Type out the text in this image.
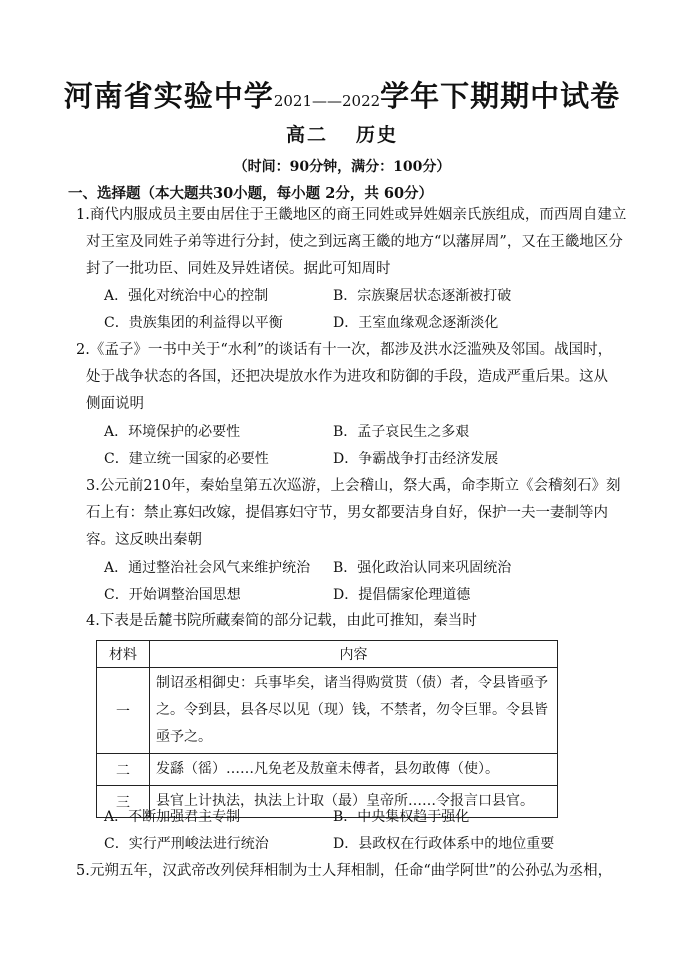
河南省实验中学2021——2022学年下期期中试卷
高二 历史
（时间：90分钟，满分：100分）
一、选择题（本大题共30小题，每小题 2分，共 60分）
1.商代内服成员主要由居住于王畿地区的商王同姓或异姓姻亲氏族组成，而西周自建立
对王室及同姓子弟等进行分封，使之到远离王畿的地方“以藩屏周”，又在王畿地区分
封了一批功臣、同姓及异姓诸侯。据此可知周时
A．强化对统治中心的控制	B．宗族聚居状态逐渐被打破
C．贵族集团的利益得以平衡	D．王室血缘观念逐渐淡化
2.《孟子》一书中关于“水利”的谈话有十一次，都涉及洪水泛滥殃及邻国。战国时，
处于战争状态的各国，还把决堤放水作为进攻和防御的手段，造成严重后果。这从
侧面说明
A．环境保护的必要性	B．孟子哀民生之多艰
C．建立统一国家的必要性	D．争霸战争打击经济发展
3.公元前210年，秦始皇第五次巡游，上会稽山，祭大禹，命李斯立《会稽刻石》刻
石上有：禁止寡妇改嫁，提倡寡妇守节，男女都要洁身自好，保护一夫一妻制等内
容。这反映出秦朝
A．通过整治社会风气来维护统治 B．强化政治认同来巩固统治
C．开始调整治国思想	D．提倡儒家伦理道德
4.下表是岳麓书院所藏秦简的部分记载，由此可推知，秦当时
材料	内容
一	制诏丞相御史：兵事毕矣，诸当得购赏贳（债）者，令县皆亟予
之。令到县，县各尽以见（现）钱，不禁者，勿令巨罪。令县皆
亟予之。

二	发繇（徭）……凡免老及敖童未傅者，县勿敢傳（使）。

三	县官上计执法，执法上计取（最）皇帝所……令报言口县官。
A．不断加强君主专制	B．中央集权趋于强化
C．实行严刑峻法进行统治	D．县政权在行政体系中的地位重要
5.元朔五年，汉武帝改列侯拜相制为士人拜相制，任命“曲学阿世”的公孙弘为丞相，
